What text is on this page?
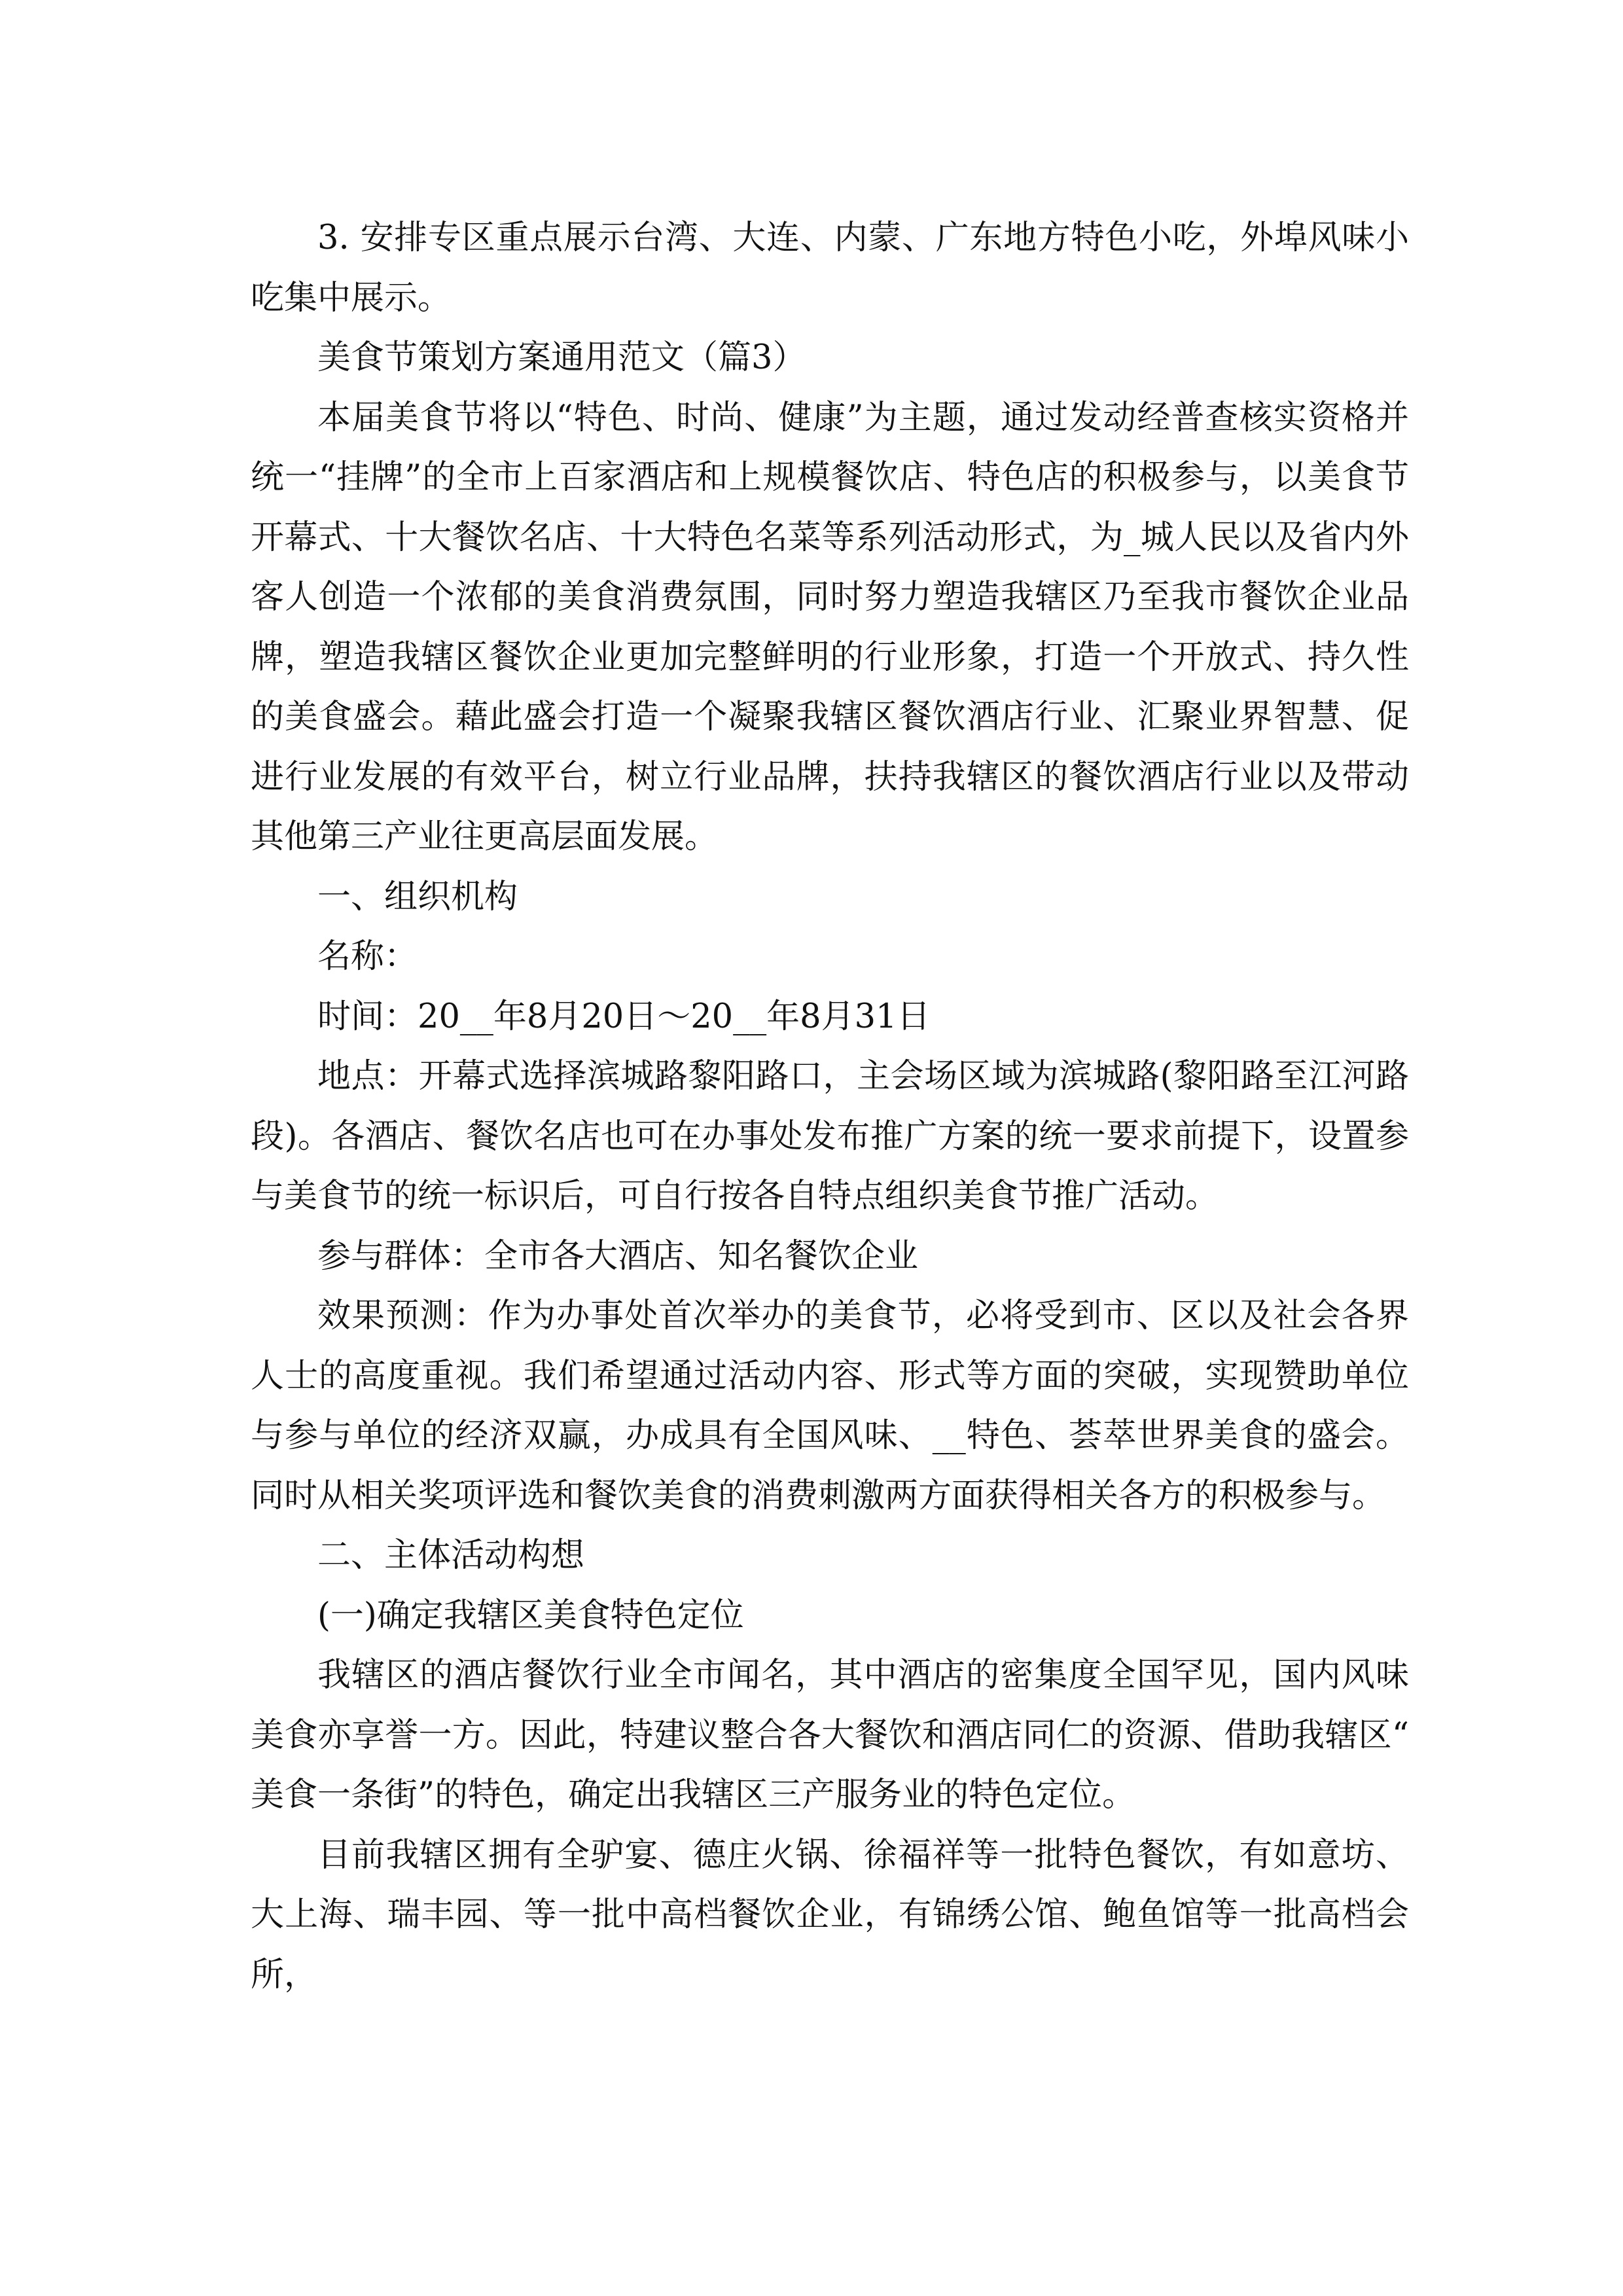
3. 安排专区重点展示台湾、大连、内蒙、广东地方特色小吃，外埠风味小吃集中展示。

美食节策划方案通用范文（篇3）

本届美食节将以“特色、时尚、健康”为主题，通过发动经普查核实资格并统一“挂牌”的全市上百家酒店和上规模餐饮店、特色店的积极参与，以美食节开幕式、十大餐饮名店、十大特色名菜等系列活动形式，为_城人民以及省内外客人创造一个浓郁的美食消费氛围，同时努力塑造我辖区乃至我市餐饮企业品牌，塑造我辖区餐饮企业更加完整鲜明的行业形象，打造一个开放式、持久性的美食盛会。藉此盛会打造一个凝聚我辖区餐饮酒店行业、汇聚业界智慧、促进行业发展的有效平台，树立行业品牌，扶持我辖区的餐饮酒店行业以及带动其他第三产业往更高层面发展。

一、组织机构

名称：

时间：20__年8月20日～20__年8月31日

地点：开幕式选择滨城路黎阳路口，主会场区域为滨城路(黎阳路至江河路段)。各酒店、餐饮名店也可在办事处发布推广方案的统一要求前提下，设置参与美食节的统一标识后，可自行按各自特点组织美食节推广活动。

参与群体：全市各大酒店、知名餐饮企业

效果预测：作为办事处首次举办的美食节，必将受到市、区以及社会各界人士的高度重视。我们希望通过活动内容、形式等方面的突破，实现赞助单位与参与单位的经济双赢，办成具有全国风味、__特色、荟萃世界美食的盛会。同时从相关奖项评选和餐饮美食的消费刺激两方面获得相关各方的积极参与。

二、主体活动构想

(一)确定我辖区美食特色定位

我辖区的酒店餐饮行业全市闻名，其中酒店的密集度全国罕见，国内风味美食亦享誉一方。因此，特建议整合各大餐饮和酒店同仁的资源、借助我辖区“美食一条街”的特色，确定出我辖区三产服务业的特色定位。

目前我辖区拥有全驴宴、德庄火锅、徐福祥等一批特色餐饮，有如意坊、大上海、瑞丰园、等一批中高档餐饮企业，有锦绣公馆、鲍鱼馆等一批高档会所，
